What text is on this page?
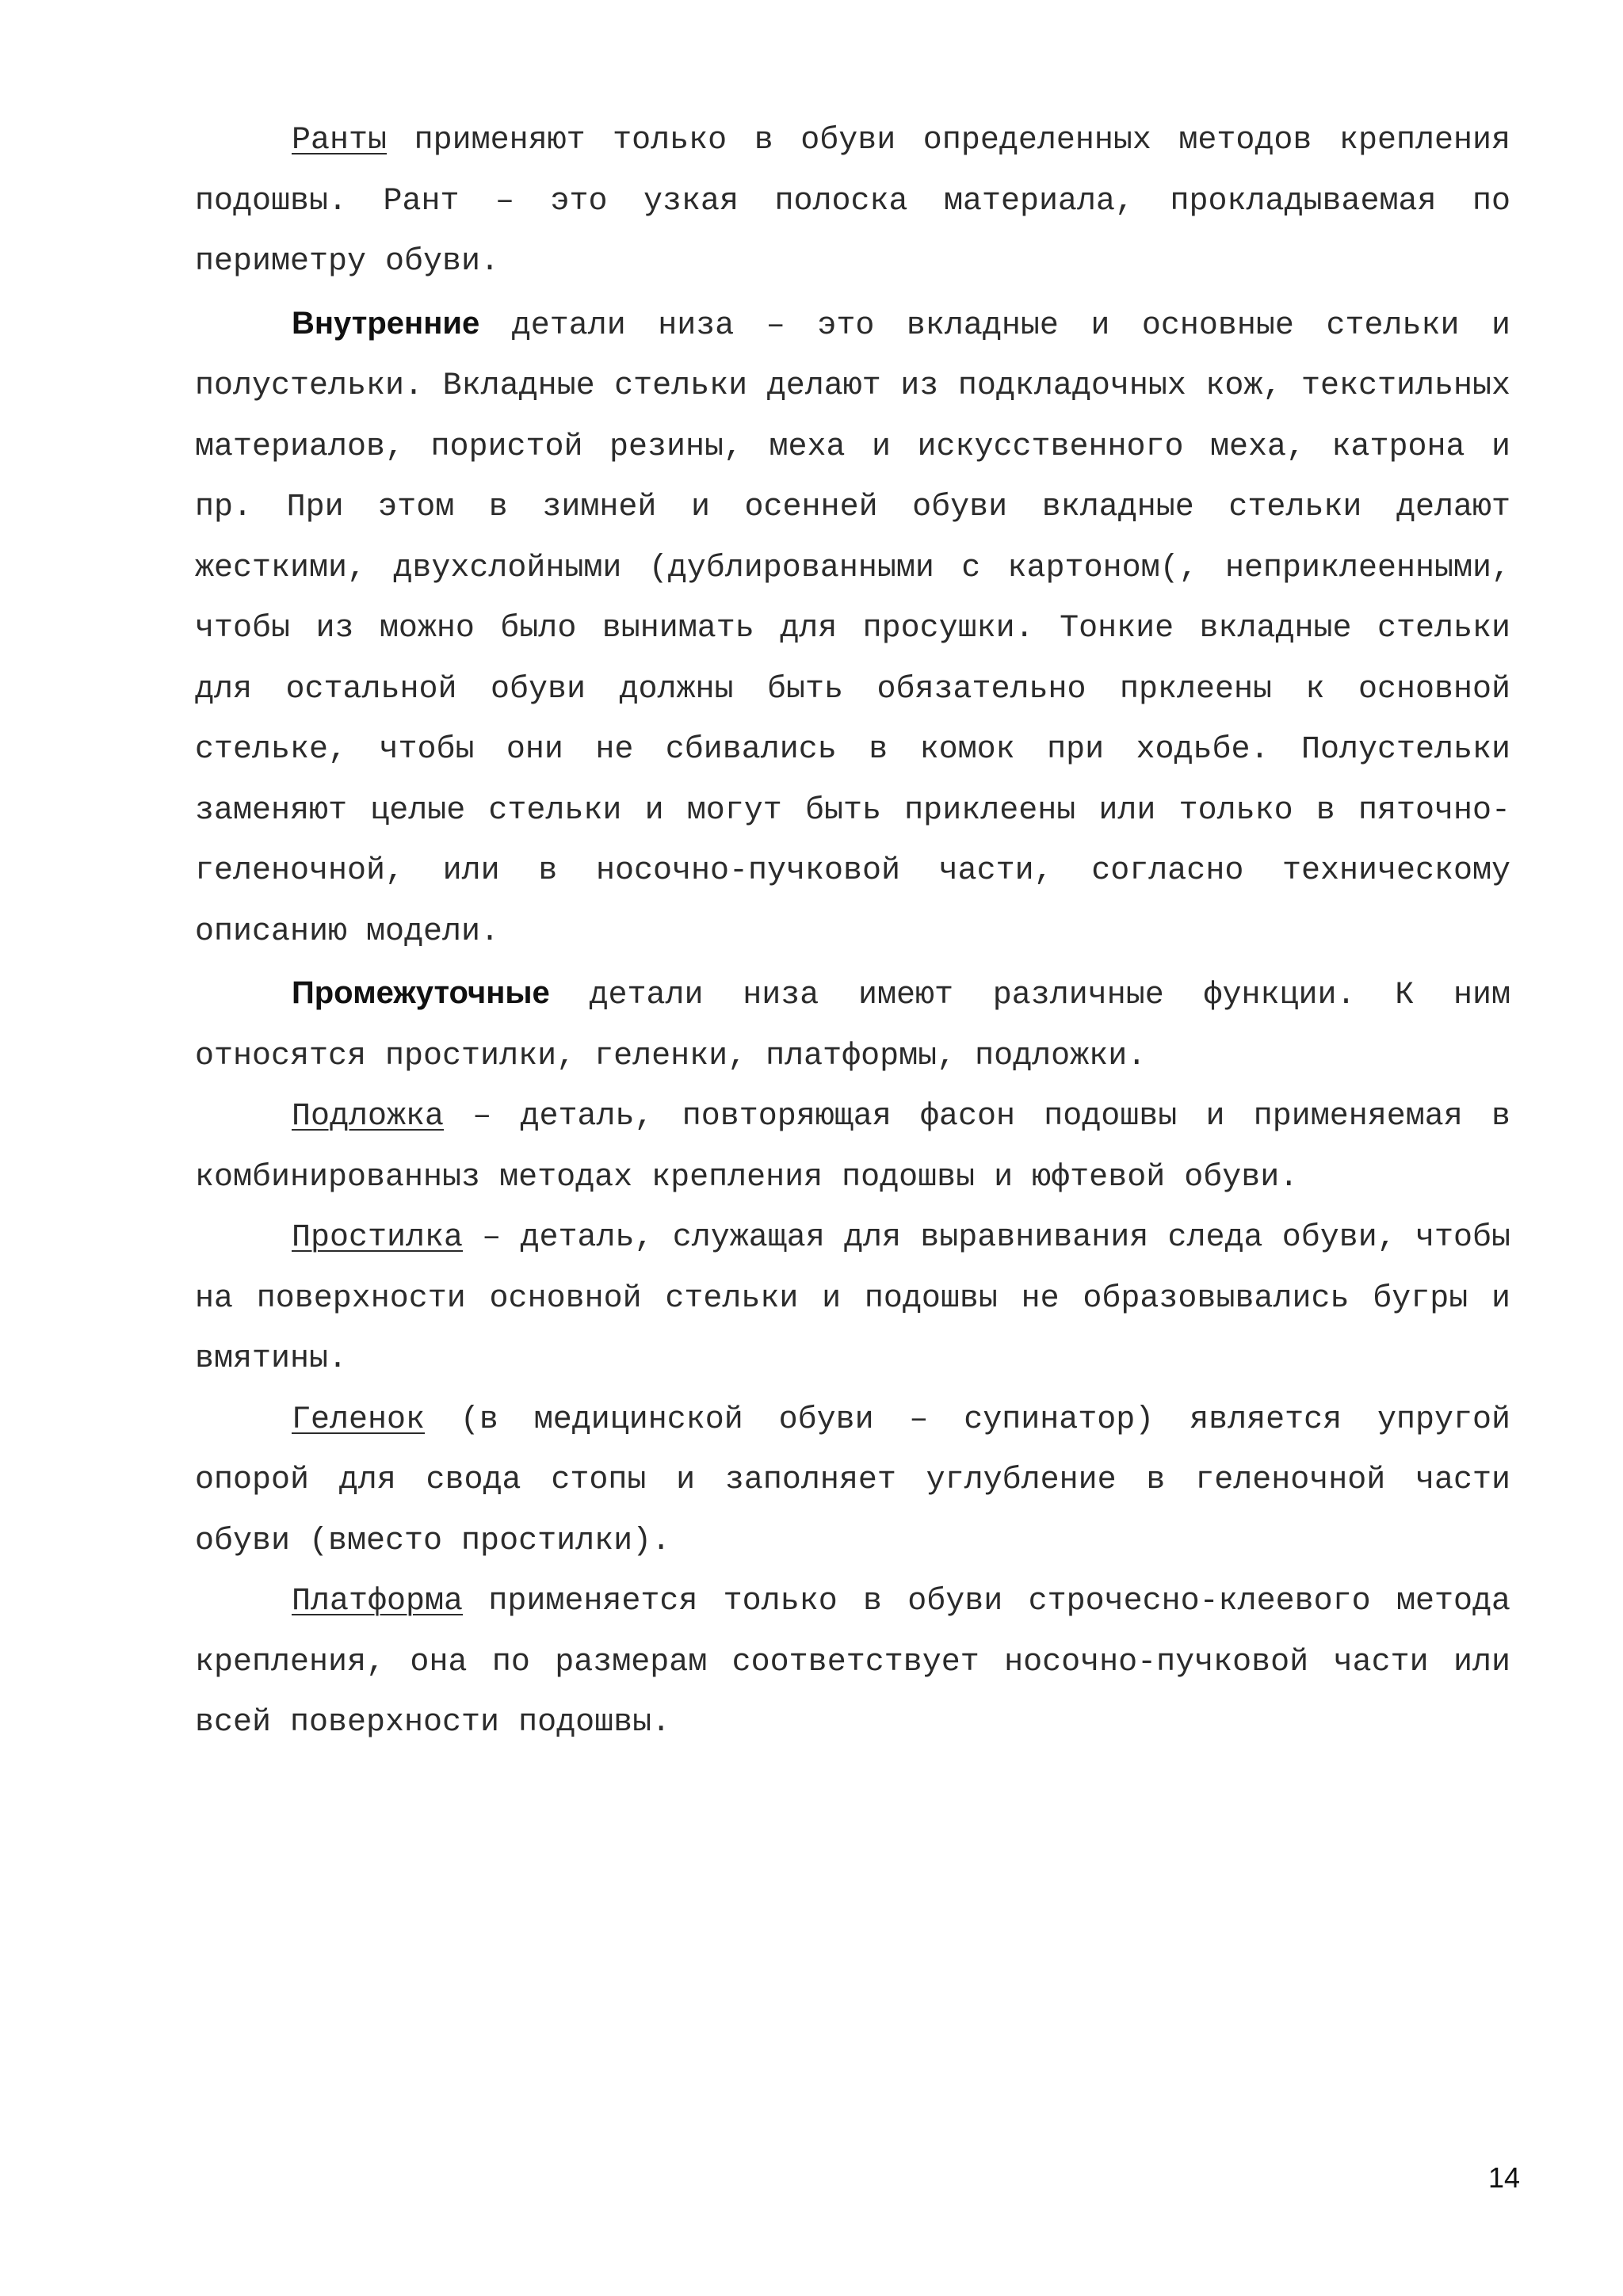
Ранты применяют только в обуви определенных методов крепления подошвы. Рант – это узкая полоска материала, прокладываемая по периметру обуви.

Внутренние детали низа – это вкладные и основные стельки и полустельки. Вкладные стельки делают из подкладочных кож, текстильных материалов, пористой резины, меха и искусственного меха, катрона и пр. При этом в зимней и осенней обуви вкладные стельки делают жесткими, двухслойными (дублированными с картоном(, неприклеенными, чтобы из можно было вынимать для просушки. Тонкие вкладные стельки для остальной обуви должны быть обязательно прклеены к основной стельке, чтобы они не сбивались в комок при ходьбе. Полустельки заменяют целые стельки и могут быть приклеены или только в пяточно-геленочной, или в носочно-пучковой части, согласно техническому описанию модели.

Промежуточные детали низа имеют различные функции. К ним относятся простилки, геленки, платформы, подложки.

Подложка – деталь, повторяющая фасон подошвы и применяемая в комбинированныз методах крепления подошвы и юфтевой обуви.

Простилка – деталь, служащая для выравнивания следа обуви, чтобы на поверхности основной стельки и подошвы не образовывались бугры и вмятины.

Геленок (в медицинской обуви – супинатор) является упругой опорой для свода стопы и заполняет углубление в геленочной части обуви (вместо простилки).

Платформа применяется только в обуви строчесно-клеевого метода крепления, она по размерам соответствует носочно-пучковой части или всей поверхности подошвы.

14
